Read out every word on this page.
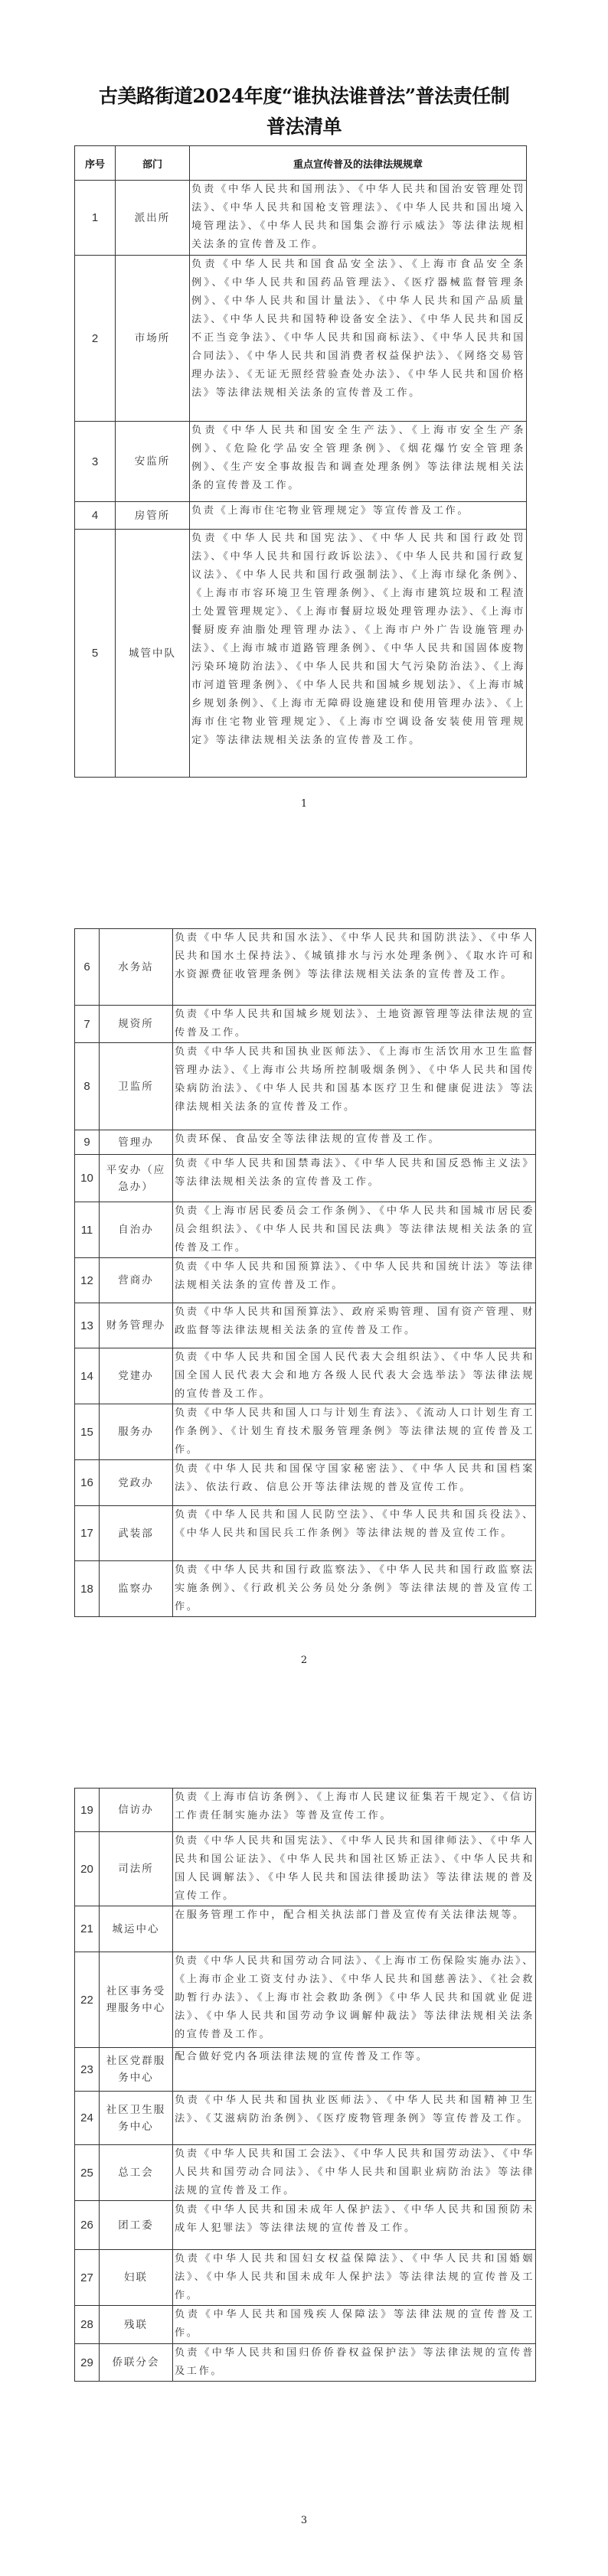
古美路街道2024年度“谁执法谁普法”普法责任制
普法清单
序号	部门	重点宣传普及的法律法规规章
1	派出所	负责《中华人民共和国刑法》、《中华人民共和国治安管理处罚法》、《中华人民共和国枪支管理法》、《中华人民共和国出境入境管理法》、《中华人民共和国集会游行示威法》等法律法规相关法条的宣传普及工作。
2	市场所	负责《中华人民共和国食品安全法》、《上海市食品安全条例》、《中华人民共和国药品管理法》、《医疗器械监督管理条例》、《中华人民共和国计量法》、《中华人民共和国产品质量法》、《中华人民共和国特种设备安全法》、《中华人民共和国反不正当竞争法》、《中华人民共和国商标法》、《中华人民共和国合同法》、《中华人民共和国消费者权益保护法》、《网络交易管理办法》、《无证无照经营验查处办法》、《中华人民共和国价格法》等法律法规相关法条的宣传普及工作。
3	安监所	负责《中华人民共和国安全生产法》、《上海市安全生产条例》、《危险化学品安全管理条例》、《烟花爆竹安全管理条例》、《生产安全事故报告和调查处理条例》等法律法规相关法条的宣传普及工作。
4	房管所	负责《上海市住宅物业管理规定》等宣传普及工作。
5	城管中队	负责《中华人民共和国宪法》、《中华人民共和国行政处罚法》、《中华人民共和国行政诉讼法》、《中华人民共和国行政复议法》、《中华人民共和国行政强制法》、《上海市绿化条例》、《上海市市容环境卫生管理条例》、《上海市建筑垃圾和工程渣土处置管理规定》、《上海市餐厨垃圾处理管理办法》、《上海市餐厨废弃油脂处理管理办法》、《上海市户外广告设施管理办法》、《上海市城市道路管理条例》、《中华人民共和国固体废物污染环境防治法》、《中华人民共和国大气污染防治法》、《上海市河道管理条例》、《中华人民共和国城乡规划法》、《上海市城乡规划条例》、《上海市无障碍设施建设和使用管理办法》、《上海市住宅物业管理规定》、《上海市空调设备安装使用管理规定》等法律法规相关法条的宣传普及工作。
1
6	水务站	负责《中华人民共和国水法》、《中华人民共和国防洪法》、《中华人民共和国水土保持法》、《城镇排水与污水处理条例》、《取水许可和水资源费征收管理条例》等法律法规相关法条的宣传普及工作。
7	规资所	负责《中华人民共和国城乡规划法》、土地资源管理等法律法规的宣传普及工作。
8	卫监所	负责《中华人民共和国执业医师法》、《上海市生活饮用水卫生监督管理办法》、《上海市公共场所控制吸烟条例》、《中华人民共和国传染病防治法》、《中华人民共和国基本医疗卫生和健康促进法》等法律法规相关法条的宣传普及工作。
9	管理办	负责环保、食品安全等法律法规的宣传普及工作。
10	平安办（应急办）	负责《中华人民共和国禁毒法》、《中华人民共和国反恐怖主义法》等法律法规相关法条的宣传普及工作。
11	自治办	负责《上海市居民委员会工作条例》、《中华人民共和国城市居民委员会组织法》、《中华人民共和国民法典》等法律法规相关法条的宣传普及工作。
12	营商办	负责《中华人民共和国预算法》、《中华人民共和国统计法》等法律法规相关法条的宣传普及工作。
13	财务管理办	负责《中华人民共和国预算法》、政府采购管理、国有资产管理、财政监督等法律法规相关法条的宣传普及工作。
14	党建办	负责《中华人民共和国全国人民代表大会组织法》、《中华人民共和国全国人民代表大会和地方各级人民代表大会选举法》等法律法规的宣传普及工作。
15	服务办	负责《中华人民共和国人口与计划生育法》、《流动人口计划生育工作条例》、《计划生育技术服务管理条例》等法律法规的宣传普及工作。
16	党政办	负责《中华人民共和国保守国家秘密法》、《中华人民共和国档案法》、依法行政、信息公开等法律法规的普及宣传工作。
17	武装部	负责《中华人民共和国人民防空法》、《中华人民共和国兵役法》、《中华人民共和国民兵工作条例》等法律法规的普及宣传工作。
18	监察办	负责《中华人民共和国行政监察法》、《中华人民共和国行政监察法实施条例》、《行政机关公务员处分条例》等法律法规的普及宣传工作。
2
19	信访办	负责《上海市信访条例》、《上海市人民建议征集若干规定》、《信访工作责任制实施办法》等普及宣传工作。
20	司法所	负责《中华人民共和国宪法》、《中华人民共和国律师法》、《中华人民共和国公证法》、《中华人民共和国社区矫正法》、《中华人民共和国人民调解法》、《中华人民共和国法律援助法》等法律法规的普及宣传工作。
21	城运中心	在服务管理工作中，配合相关执法部门普及宣传有关法律法规等。
22	社区事务受理服务中心	负责《中华人民共和国劳动合同法》、《上海市工伤保险实施办法》、《上海市企业工资支付办法》、《中华人民共和国慈善法》、《社会救助暂行办法》、《上海市社会救助条例》《中华人民共和国就业促进法》、《中华人民共和国劳动争议调解仲裁法》等法律法规相关法条的宣传普及工作。
23	社区党群服务中心	配合做好党内各项法律法规的宣传普及工作等。
24	社区卫生服务中心	负责《中华人民共和国执业医师法》、《中华人民共和国精神卫生法》、《艾滋病防治条例》、《医疗废物管理条例》等宣传普及工作。
25	总工会	负责《中华人民共和国工会法》、《中华人民共和国劳动法》、《中华人民共和国劳动合同法》、《中华人民共和国职业病防治法》等法律法规的宣传普及工作。
26	团工委	负责《中华人民共和国未成年人保护法》、《中华人民共和国预防未成年人犯罪法》等法律法规的宣传普及工作。
27	妇联	负责《中华人民共和国妇女权益保障法》、《中华人民共和国婚姻法》、《中华人民共和国未成年人保护法》等法律法规的宣传普及工作。
28	残联	负责《中华人民共和国残疾人保障法》等法律法规的宣传普及工作。
29	侨联分会	负责《中华人民共和国归侨侨眷权益保护法》等法律法规的宣传普及工作。
3
